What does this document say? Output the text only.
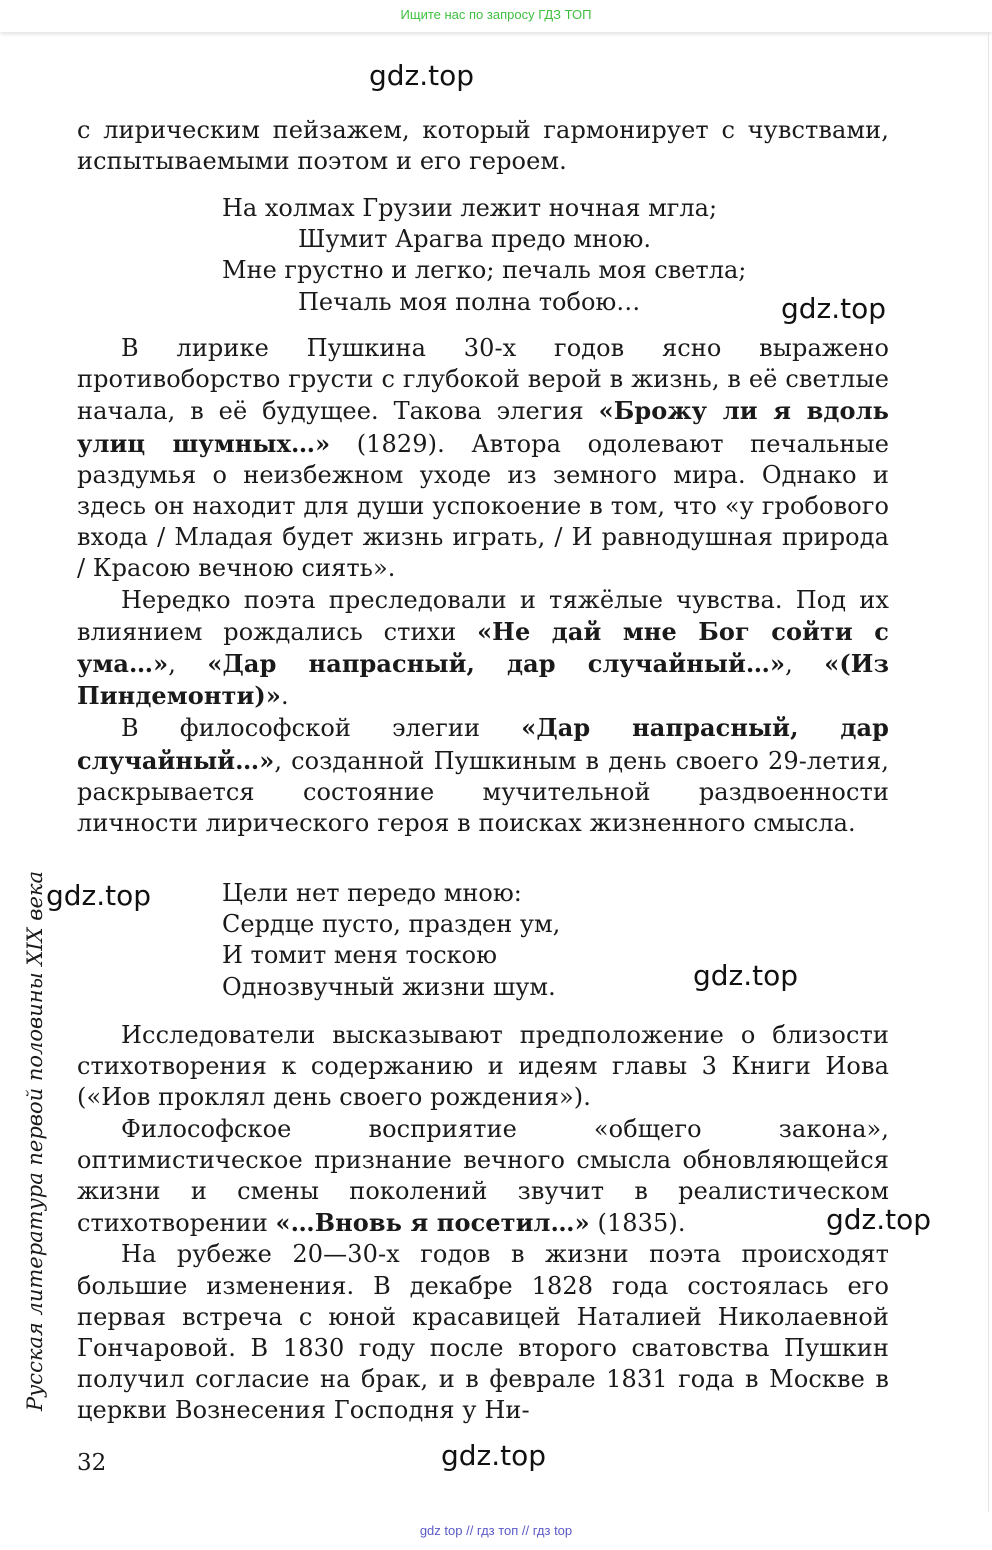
Ищите нас по запросу ГДЗ ТОП
gdz.top
gdz.top
gdz.top
gdz.top
gdz.top
gdz.top

с лирическим пейзажем, который гармонирует с чувствами, испытываемыми поэтом и его героем.

На холмах Грузии лежит ночная мгла;
Шумит Арагва предо мною.
Мне грустно и легко; печаль моя светла;
Печаль моя полна тобою…

В лирике Пушкина 30-х годов ясно выражено противоборство грусти с глубокой верой в жизнь, в её светлые начала, в её будущее. Такова элегия «Брожу ли я вдоль улиц шумных…» (1829). Автора одолевают печальные раздумья о неизбежном уходе из земного мира. Однако и здесь он находит для души успокоение в том, что «у гробового входа / Младая будет жизнь играть, / И равнодушная природа / Красою вечною сиять».

Нередко поэта преследовали и тяжёлые чувства. Под их влиянием рождались стихи «Не дай мне Бог сойти с ума…», «Дар напрасный, дар случайный…», «(Из Пиндемонти)».

В философской элегии «Дар напрасный, дар случайный…», созданной Пушкиным в день своего 29-летия, раскрывается состояние мучительной раздвоенности личности лирического героя в поисках жизненного смысла.

Цели нет передо мною:
Сердце пусто, празден ум,
И томит меня тоскою
Однозвучный жизни шум.

Исследователи высказывают предположение о близости стихотворения к содержанию и идеям главы 3 Книги Иова («Иов проклял день своего рождения»).

Философское восприятие «общего закона», оптимистическое признание вечного смысла обновляющейся жизни и смены поколений звучит в реалистическом стихотворении «…Вновь я посетил…» (1835).

На рубеже 20—30-х годов в жизни поэта происходят большие изменения. В декабре 1828 года состоялась его первая встреча с юной красавицей Наталией Николаевной Гончаровой. В 1830 году после второго сватовства Пушкин получил согласие на брак, и в феврале 1831 года в Москве в церкви Вознесения Господня у Ни-

Русская литература первой половины XIX века
32
gdz top // гдз топ // гдз top
